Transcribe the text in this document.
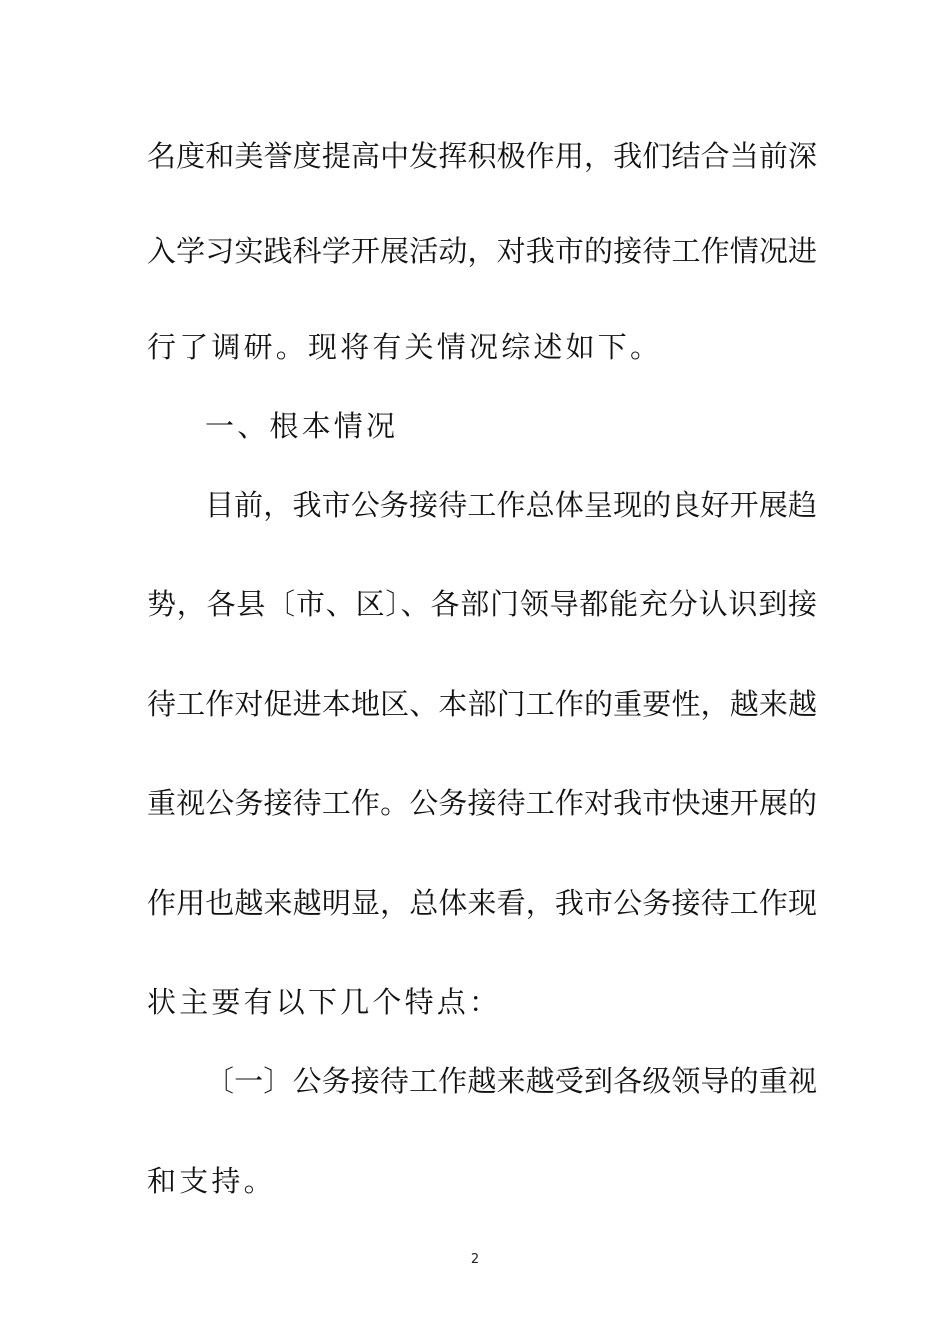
名度和美誉度提高中发挥积极作用，我们结合当前深
入学习实践科学开展活动，对我市的接待工作情况进
行了调研。现将有关情况综述如下。
一、根本情况
目前，我市公务接待工作总体呈现的良好开展趋
势，各县〔市、区〕、各部门领导都能充分认识到接
待工作对促进本地区、本部门工作的重要性，越来越
重视公务接待工作。公务接待工作对我市快速开展的
作用也越来越明显，总体来看，我市公务接待工作现
状主要有以下几个特点：
〔一〕公务接待工作越来越受到各级领导的重视
和支持。
2
